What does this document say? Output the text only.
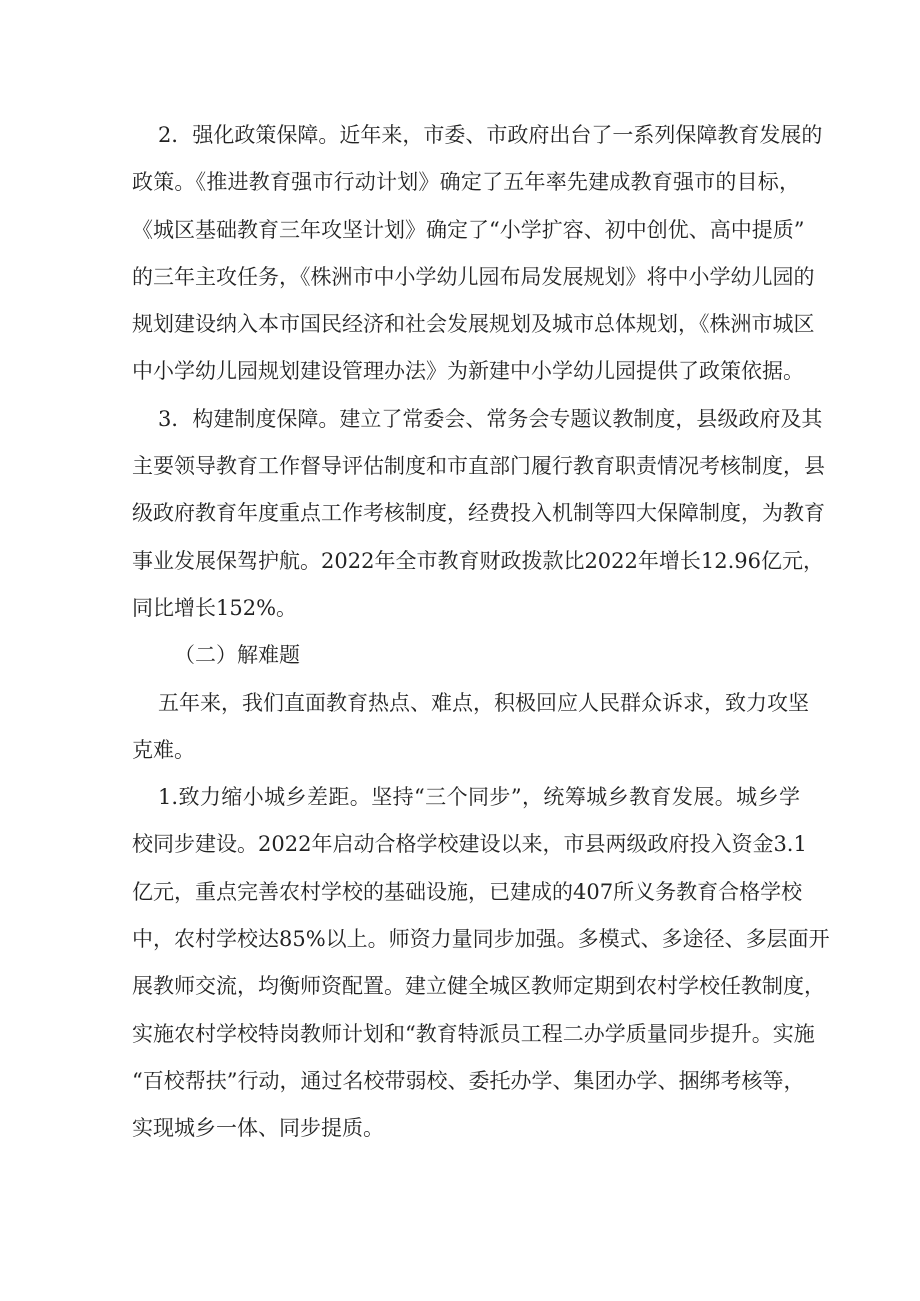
2．强化政策保障。近年来，市委、市政府出台了一系列保障教育发展的
政策。《推进教育强市行动计划》确定了五年率先建成教育强市的目标，
《城区基础教育三年攻坚计划》确定了“小学扩容、初中创优、高中提质”
的三年主攻任务，《株洲市中小学幼儿园布局发展规划》将中小学幼儿园的
规划建设纳入本市国民经济和社会发展规划及城市总体规划，《株洲市城区
中小学幼儿园规划建设管理办法》为新建中小学幼儿园提供了政策依据。
3．构建制度保障。建立了常委会、常务会专题议教制度，县级政府及其
主要领导教育工作督导评估制度和市直部门履行教育职责情况考核制度，县
级政府教育年度重点工作考核制度，经费投入机制等四大保障制度，为教育
事业发展保驾护航。2022年全市教育财政拨款比2022年增长12.96亿元，
同比增长152%。
（二）解难题
五年来，我们直面教育热点、难点，积极回应人民群众诉求，致力攻坚
克难。
1.致力缩小城乡差距。坚持“三个同步”，统筹城乡教育发展。城乡学
校同步建设。2022年启动合格学校建设以来，市县两级政府投入资金3.1
亿元，重点完善农村学校的基础设施，已建成的407所义务教育合格学校
中，农村学校达85%以上。师资力量同步加强。多模式、多途径、多层面开
展教师交流，均衡师资配置。建立健全城区教师定期到农村学校任教制度，
实施农村学校特岗教师计划和“教育特派员工程二办学质量同步提升。实施
“百校帮扶”行动，通过名校带弱校、委托办学、集团办学、捆绑考核等，
实现城乡一体、同步提质。
